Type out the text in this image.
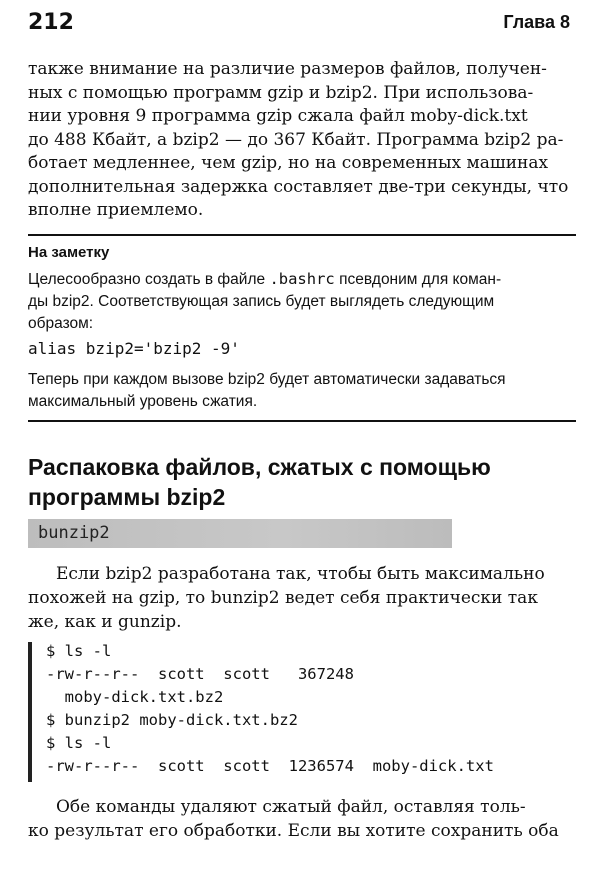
212	Глава 8

также внимание на различие размеров файлов, получен-

ных с помощью программ gzip и bzip2. При использова-

нии уровня 9 программа gzip сжала файл moby-dick.txt

до 488 Кбайт, а bzip2 — до 367 Кбайт. Программа bzip2 ра-

ботает медленнее, чем gzip, но на современных машинах

дополнительная задержка составляет две-три секунды, что

вполне приемлемо.

На заметку

Целесообразно создать в файле .bashrc псевдоним для коман-

ды bzip2. Соответствующая запись будет выглядеть следующим

образом:

alias bzip2='bzip2 -9'

Теперь при каждом вызове bzip2 будет автоматически задаваться

максимальный уровень сжатия.

Распаковка файлов, сжатых с помощью
программы bzip2
bunzip2

Если bzip2 разработана так, чтобы быть максимально

похожей на gzip, то bunzip2 ведет себя практически так

же, как и gunzip.

$ ls -l
-rw-r--r--  scott  scott   367248
moby-dick.txt.bz2
$ bunzip2 moby-dick.txt.bz2
$ ls -l
-rw-r--r--  scott  scott  1236574  moby-dick.txt

Обе команды удаляют сжатый файл, оставляя толь-

ко результат его обработки. Если вы хотите сохранить оба
